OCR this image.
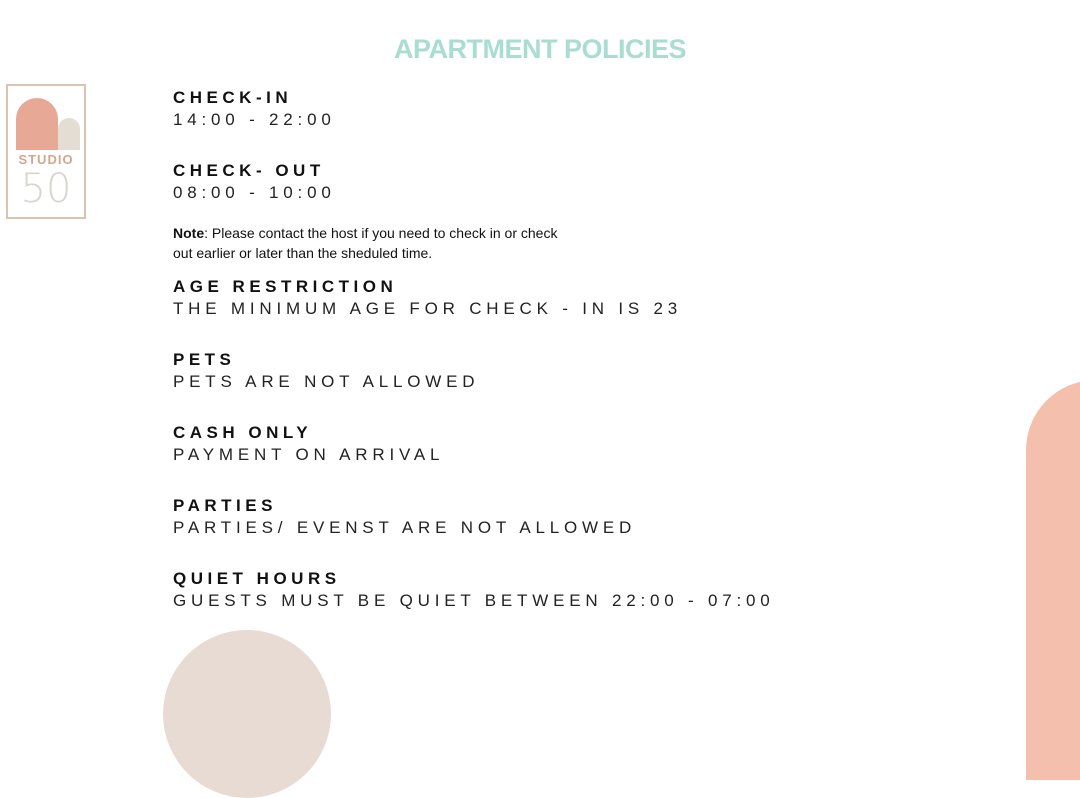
APARTMENT POLICIES
STUDIO
50

CHECK-IN

14:00 - 22:00

CHECK- OUT

08:00 - 10:00

Note: Please contact the host if you need to check in or check out earlier or later than the sheduled time.

AGE RESTRICTION

THE MINIMUM AGE FOR CHECK - IN IS 23

PETS

PETS ARE NOT ALLOWED

CASH ONLY

PAYMENT ON ARRIVAL

PARTIES

PARTIES/ EVENST ARE NOT ALLOWED

QUIET HOURS

GUESTS MUST BE QUIET BETWEEN 22:00 - 07:00
